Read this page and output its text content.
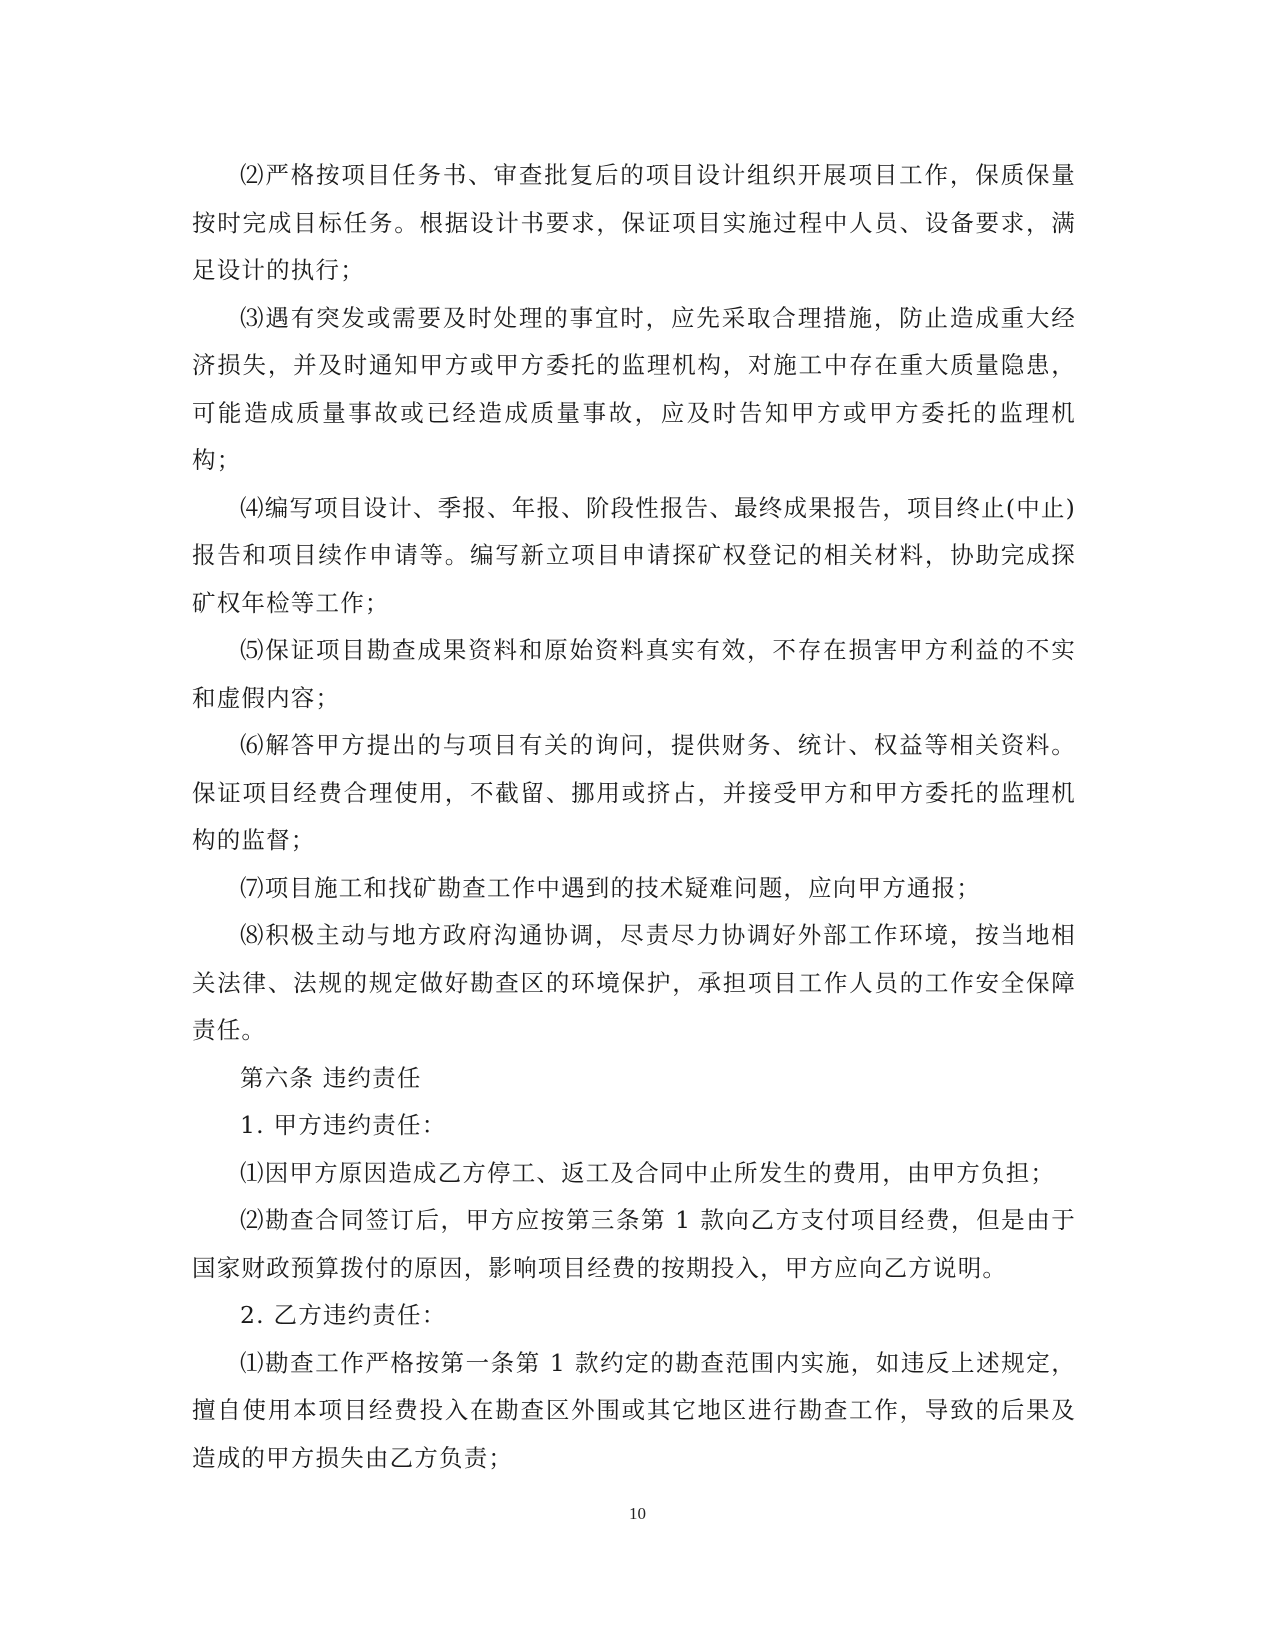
⑵严格按项目任务书、审查批复后的项目设计组织开展项目工作，保质保量按时完成目标任务。根据设计书要求，保证项目实施过程中人员、设备要求，满足设计的执行；

⑶遇有突发或需要及时处理的事宜时，应先采取合理措施，防止造成重大经济损失，并及时通知甲方或甲方委托的监理机构，对施工中存在重大质量隐患，可能造成质量事故或已经造成质量事故，应及时告知甲方或甲方委托的监理机构；

⑷编写项目设计、季报、年报、阶段性报告、最终成果报告，项目终止(中止)报告和项目续作申请等。编写新立项目申请探矿权登记的相关材料，协助完成探矿权年检等工作；

⑸保证项目勘查成果资料和原始资料真实有效，不存在损害甲方利益的不实和虚假内容；

⑹解答甲方提出的与项目有关的询问，提供财务、统计、权益等相关资料。保证项目经费合理使用，不截留、挪用或挤占，并接受甲方和甲方委托的监理机构的监督；

⑺项目施工和找矿勘查工作中遇到的技术疑难问题，应向甲方通报；

⑻积极主动与地方政府沟通协调，尽责尽力协调好外部工作环境，按当地相关法律、法规的规定做好勘查区的环境保护，承担项目工作人员的工作安全保障责任。

第六条 违约责任

1. 甲方违约责任：

⑴因甲方原因造成乙方停工、返工及合同中止所发生的费用，由甲方负担；

⑵勘查合同签订后，甲方应按第三条第 1 款向乙方支付项目经费，但是由于国家财政预算拨付的原因，影响项目经费的按期投入，甲方应向乙方说明。

2. 乙方违约责任：

⑴勘查工作严格按第一条第 1 款约定的勘查范围内实施，如违反上述规定，擅自使用本项目经费投入在勘查区外围或其它地区进行勘查工作，导致的后果及造成的甲方损失由乙方负责；

10
